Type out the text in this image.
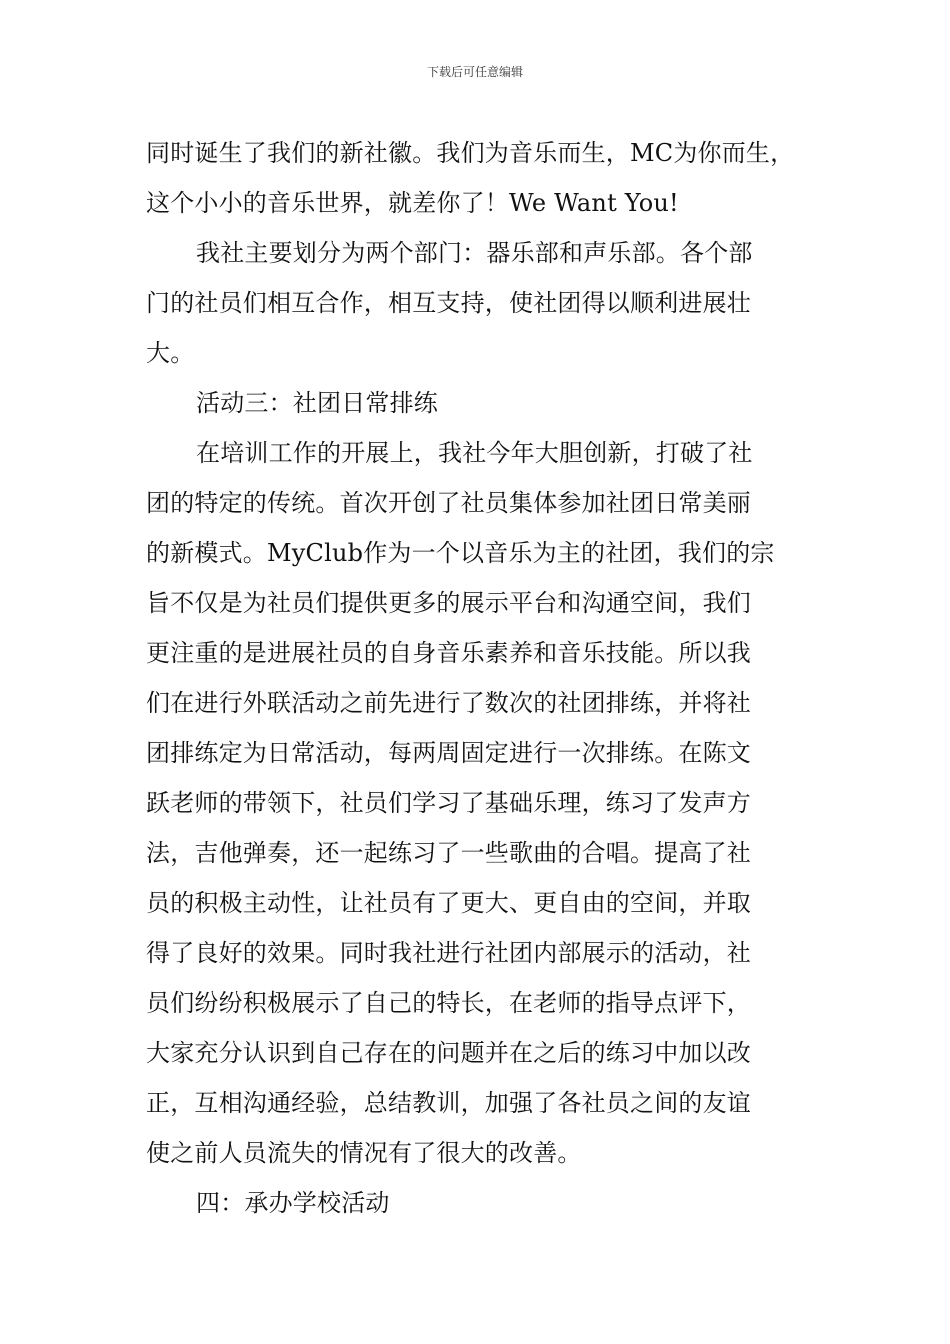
下载后可任意编辑
同时诞生了我们的新社徽。我们为音乐而生，MC为你而生，
这个小小的音乐世界，就差你了！We Want You!
我社主要划分为两个部门：器乐部和声乐部。各个部
门的社员们相互合作，相互支持，使社团得以顺利进展壮
大。
活动三：社团日常排练
在培训工作的开展上，我社今年大胆创新，打破了社
团的特定的传统。首次开创了社员集体参加社团日常美丽
的新模式。MyClub作为一个以音乐为主的社团，我们的宗
旨不仅是为社员们提供更多的展示平台和沟通空间，我们
更注重的是进展社员的自身音乐素养和音乐技能。所以我
们在进行外联活动之前先进行了数次的社团排练，并将社
团排练定为日常活动，每两周固定进行一次排练。在陈文
跃老师的带领下，社员们学习了基础乐理，练习了发声方
法，吉他弹奏，还一起练习了一些歌曲的合唱。提高了社
员的积极主动性，让社员有了更大、更自由的空间，并取
得了良好的效果。同时我社进行社团内部展示的活动，社
员们纷纷积极展示了自己的特长，在老师的指导点评下，
大家充分认识到自己存在的问题并在之后的练习中加以改
正，互相沟通经验，总结教训，加强了各社员之间的友谊
使之前人员流失的情况有了很大的改善。
四：承办学校活动
